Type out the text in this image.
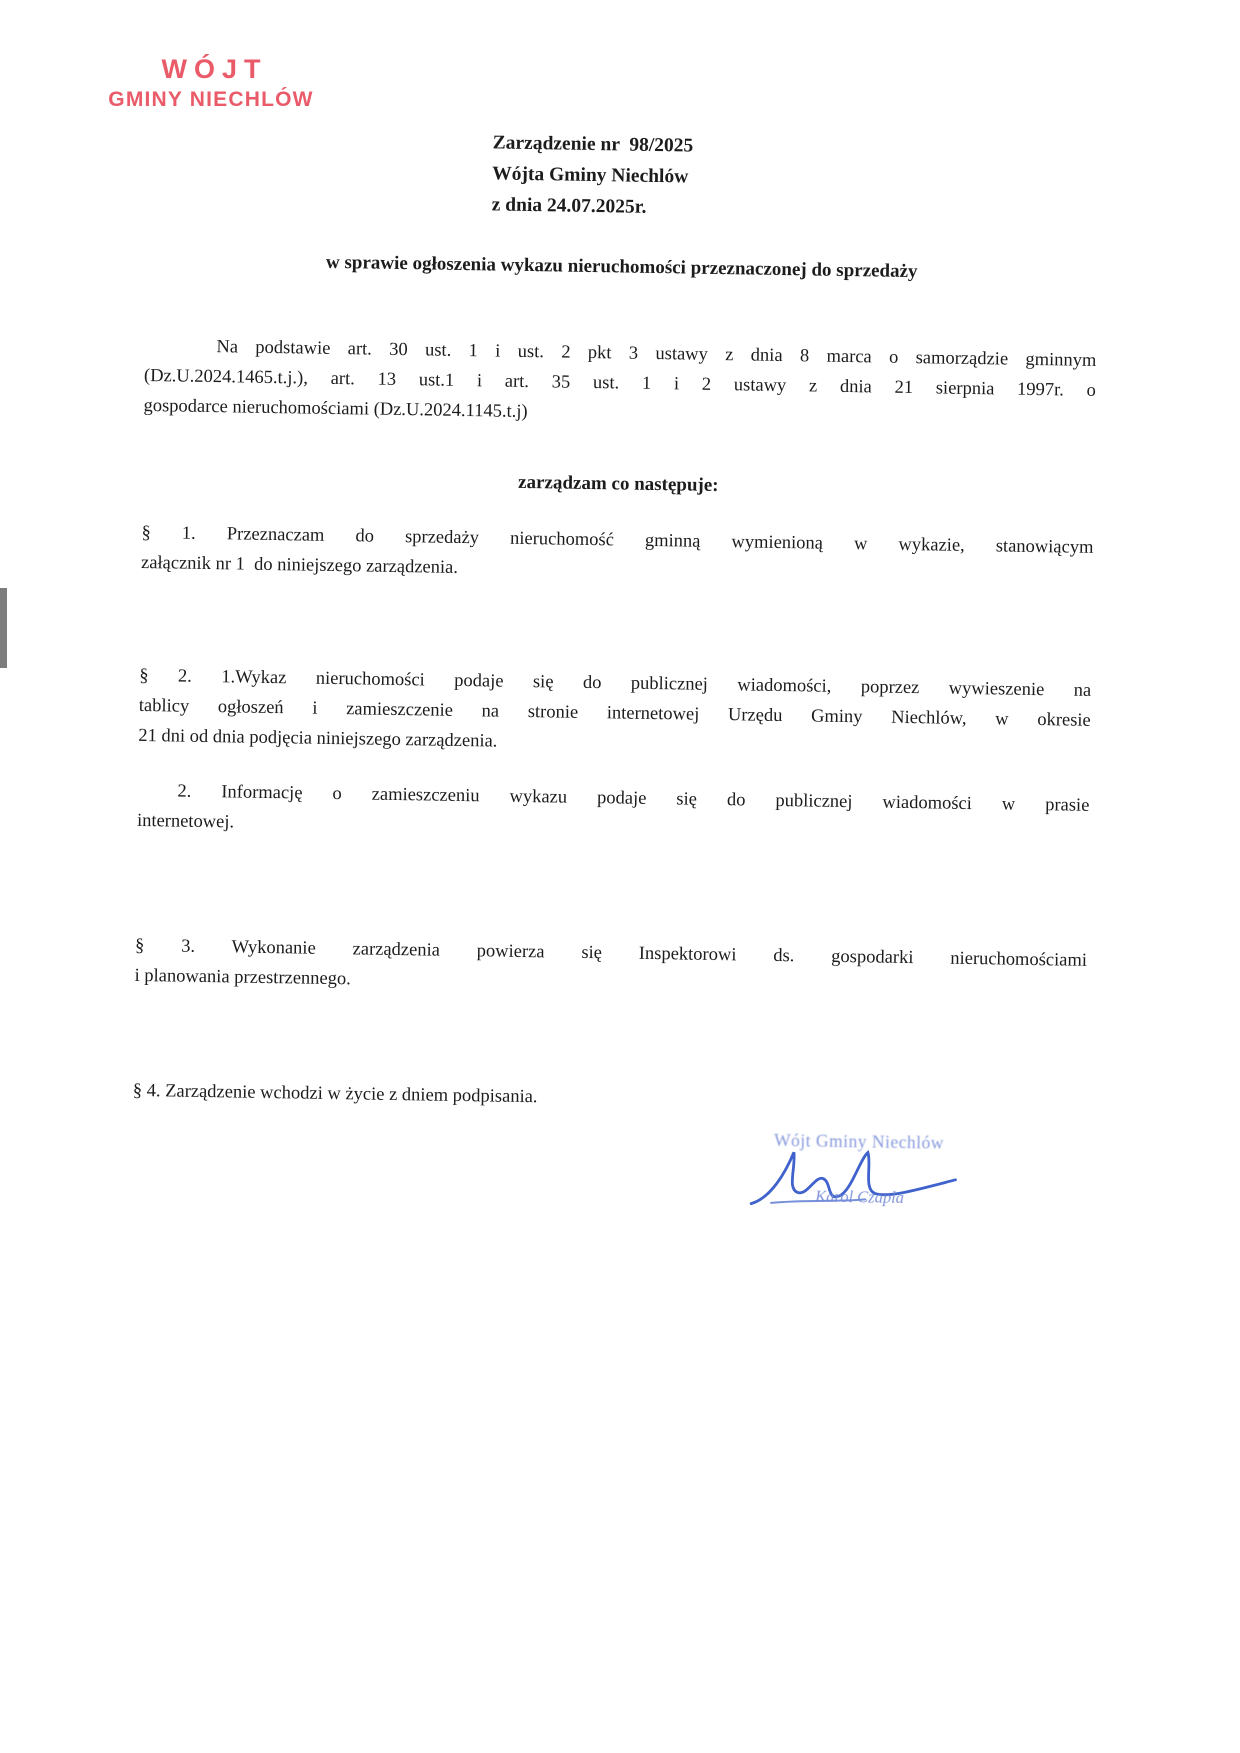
WÓJT
GMINY NIECHLÓW
Zarządzenie nr  98/2025
Wójta Gminy Niechlów
z dnia 24.07.2025r.
w sprawie ogłoszenia wykazu nieruchomości przeznaczonej do sprzedaży
Na podstawie art. 30 ust. 1 i ust. 2 pkt 3 ustawy z dnia 8 marca o samorządzie gminnym
(Dz.U.2024.1465.t.j.), art. 13 ust.1 i art. 35 ust. 1 i 2 ustawy z dnia 21 sierpnia 1997r. o
gospodarce nieruchomościami (Dz.U.2024.1145.t.j)
zarządzam co następuje:
§ 1. Przeznaczam do sprzedaży nieruchomość gminną wymienioną w wykazie, stanowiącym
załącznik nr 1  do niniejszego zarządzenia.
§ 2. 1.Wykaz nieruchomości podaje się do publicznej wiadomości, poprzez wywieszenie na
tablicy ogłoszeń i zamieszczenie na stronie internetowej Urzędu Gminy Niechlów, w okresie
21 dni od dnia podjęcia niniejszego zarządzenia.
2. Informację o zamieszczeniu wykazu podaje się do publicznej wiadomości w prasie
internetowej.
§ 3. Wykonanie zarządzenia powierza się Inspektorowi ds. gospodarki nieruchomościami
i planowania przestrzennego.
§ 4. Zarządzenie wchodzi w życie z dniem podpisania.
Wójt Gminy Niechlów
Karol Czapla
